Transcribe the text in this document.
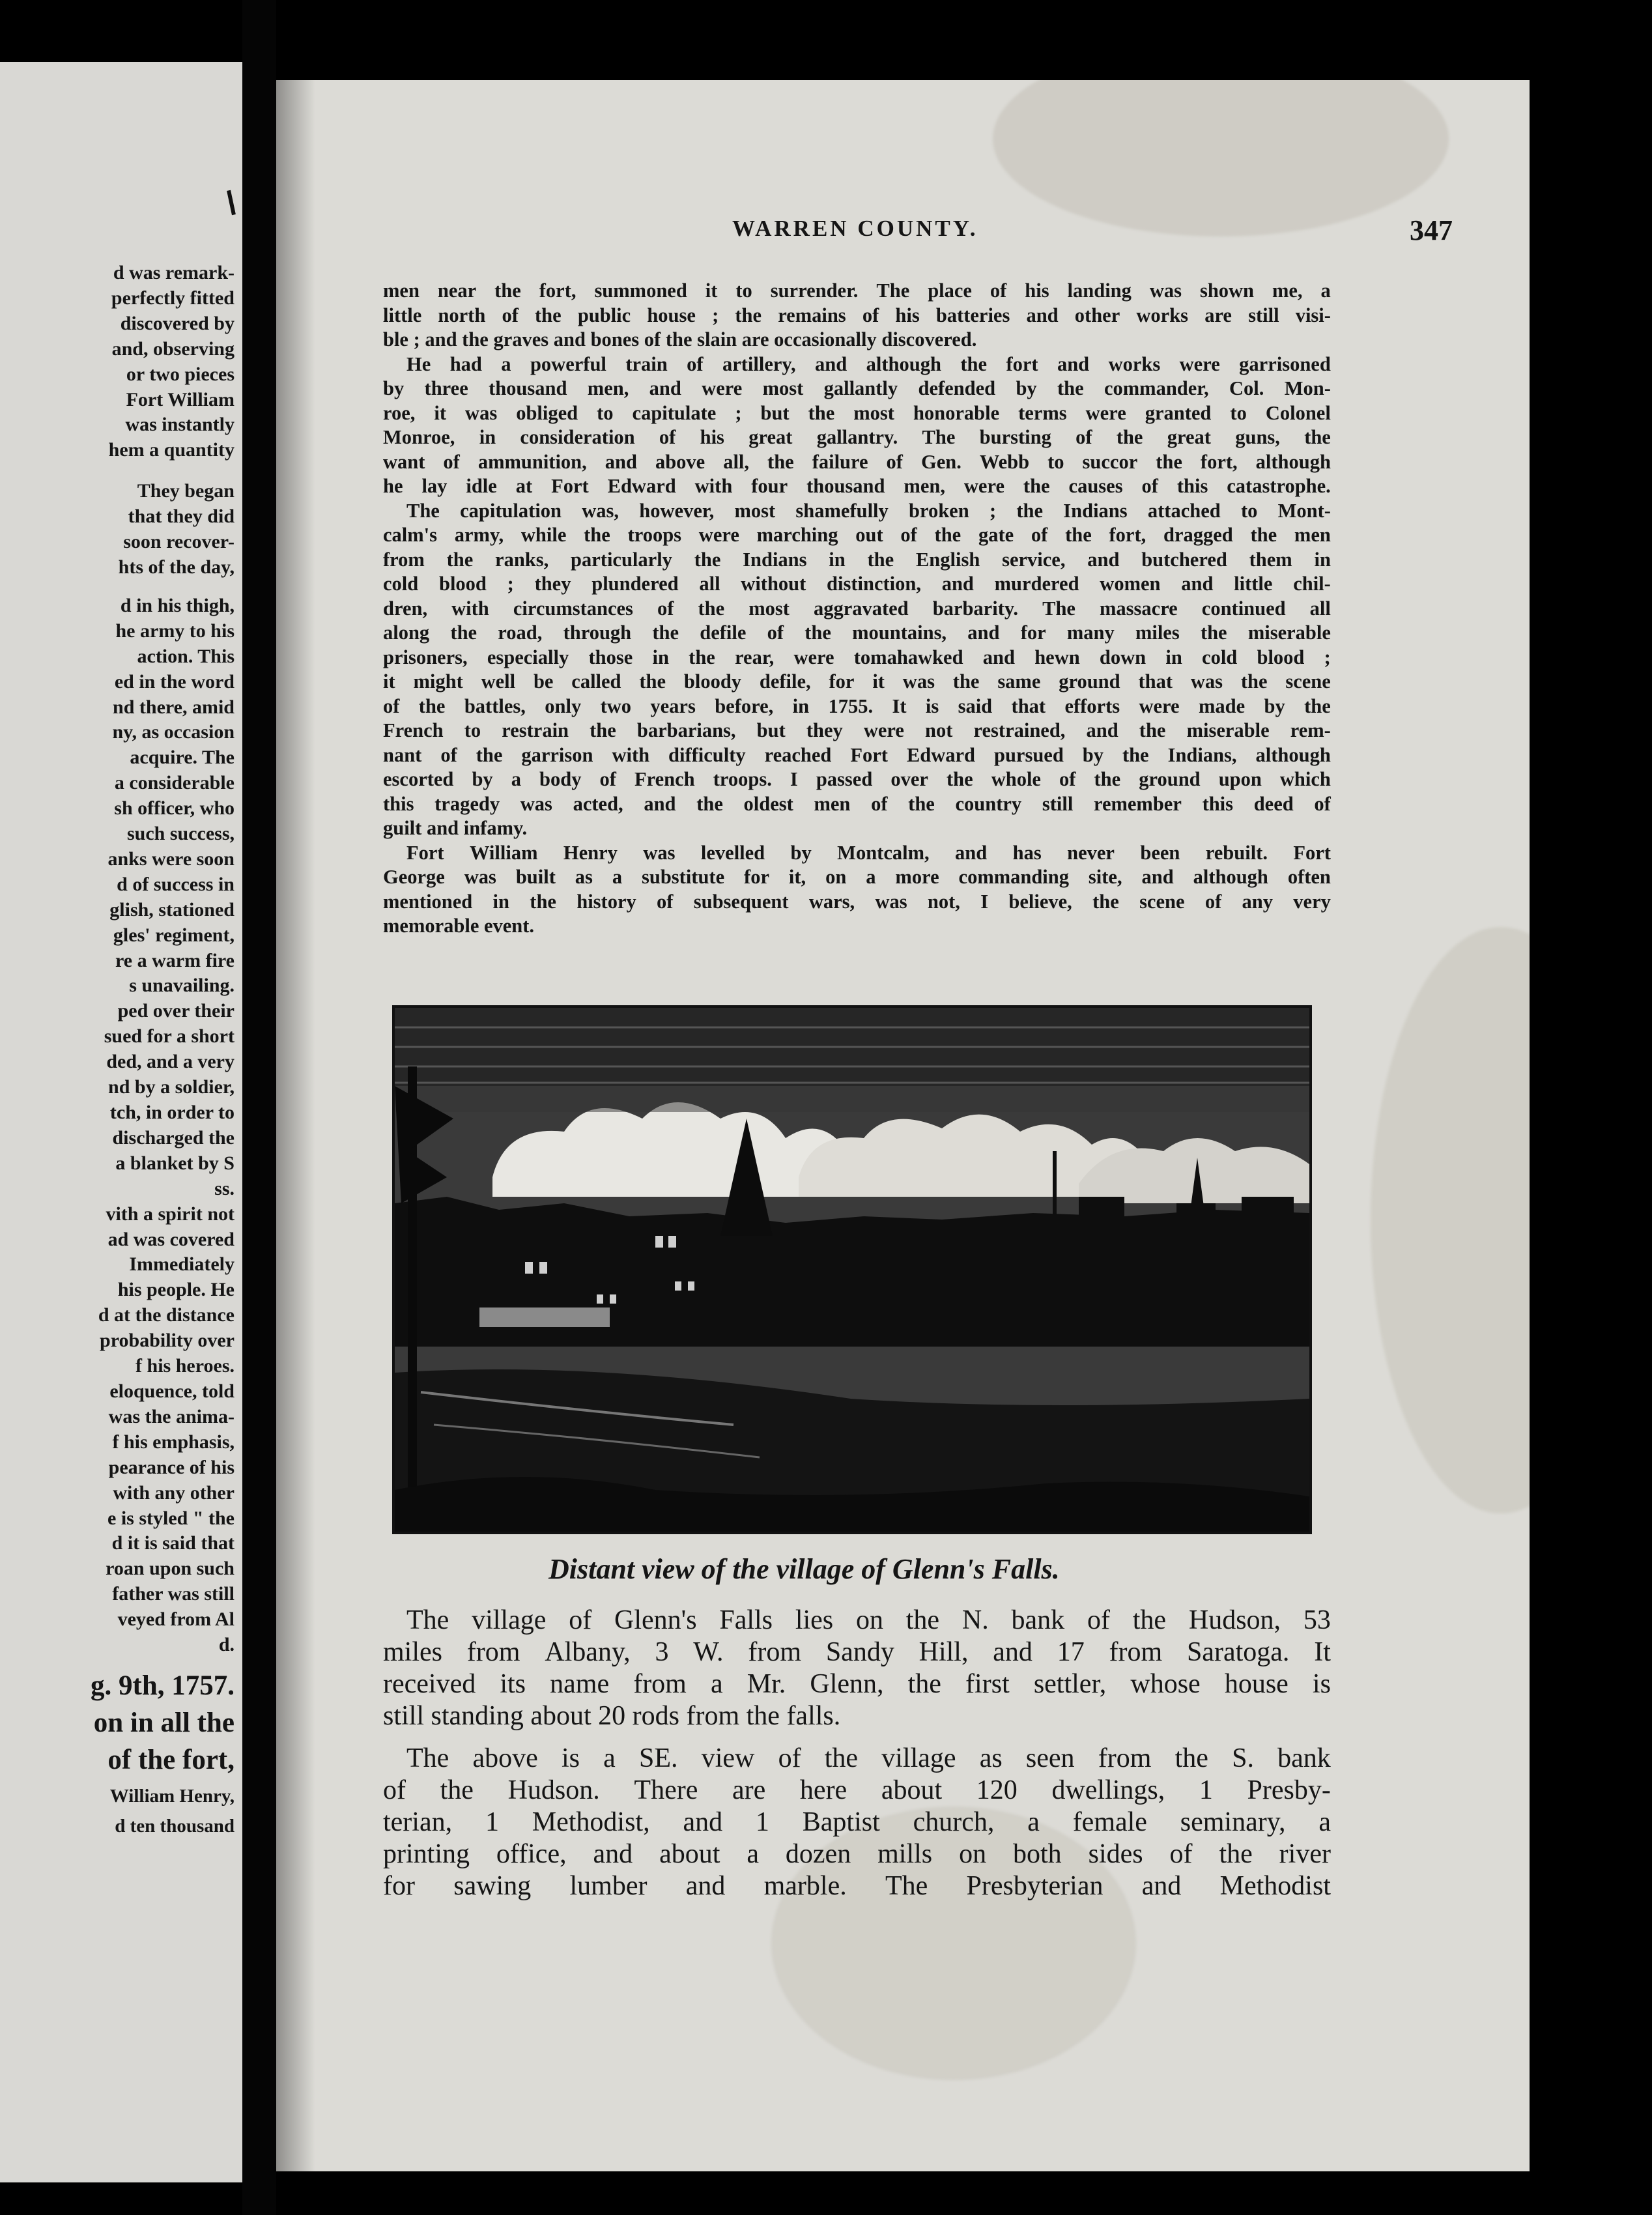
d was remark-
perfectly fitted
discovered by
and, observing
or two pieces
Fort William
was instantly
hem a quantity
They began
that they did
soon recover-
hts of the day,
d in his thigh,
he army to his
action. This
ed in the word
nd there, amid
ny, as occasion
acquire. The
a considerable
sh officer, who
such success,
anks were soon
d of success in
glish, stationed
gles' regiment,
re a warm fire
s unavailing.
ped over their
sued for a short
ded, and a very
nd by a soldier,
tch, in order to
discharged the
a blanket by S
ss.
vith a spirit not
ad was covered
Immediately
his people. He
d at the distance
probability over
f his heroes.
eloquence, told
was the anima-
f his emphasis,
pearance of his
with any other
e is styled " the
d it is said that
roan upon such
father was still
veyed from Al
d.
g. 9th, 1757.
on in all the
of the fort,
William Henry,
d ten thousand
WARREN COUNTY.	347
men near the fort, summoned it to surrender. The place of his landing was shown me, a
little north of the public house ; the remains of his batteries and other works are still visi-
ble ; and the graves and bones of the slain are occasionally discovered.
He had a powerful train of artillery, and although the fort and works were garrisoned
by three thousand men, and were most gallantly defended by the commander, Col. Mon-
roe, it was obliged to capitulate ; but the most honorable terms were granted to Colonel
Monroe, in consideration of his great gallantry. The bursting of the great guns, the
want of ammunition, and above all, the failure of Gen. Webb to succor the fort, although
he lay idle at Fort Edward with four thousand men, were the causes of this catastrophe.
The capitulation was, however, most shamefully broken ; the Indians attached to Mont-
calm's army, while the troops were marching out of the gate of the fort, dragged the men
from the ranks, particularly the Indians in the English service, and butchered them in
cold blood ; they plundered all without distinction, and murdered women and little chil-
dren, with circumstances of the most aggravated barbarity. The massacre continued all
along the road, through the defile of the mountains, and for many miles the miserable
prisoners, especially those in the rear, were tomahawked and hewn down in cold blood ;
it might well be called the bloody defile, for it was the same ground that was the scene
of the battles, only two years before, in 1755. It is said that efforts were made by the
French to restrain the barbarians, but they were not restrained, and the miserable rem-
nant of the garrison with difficulty reached Fort Edward pursued by the Indians, although
escorted by a body of French troops. I passed over the whole of the ground upon which
this tragedy was acted, and the oldest men of the country still remember this deed of
guilt and infamy.
Fort William Henry was levelled by Montcalm, and has never been rebuilt. Fort
George was built as a substitute for it, on a more commanding site, and although often
mentioned in the history of subsequent wars, was not, I believe, the scene of any very
memorable event.
Distant view of the village of Glenn's Falls.
The village of Glenn's Falls lies on the N. bank of the Hudson, 53
miles from Albany, 3 W. from Sandy Hill, and 17 from Saratoga. It
received its name from a Mr. Glenn, the first settler, whose house is
still standing about 20 rods from the falls.
The above is a SE. view of the village as seen from the S. bank
of the Hudson. There are here about 120 dwellings, 1 Presby-
terian, 1 Methodist, and 1 Baptist church, a female seminary, a
printing office, and about a dozen mills on both sides of the river
for sawing lumber and marble. The Presbyterian and Methodist
